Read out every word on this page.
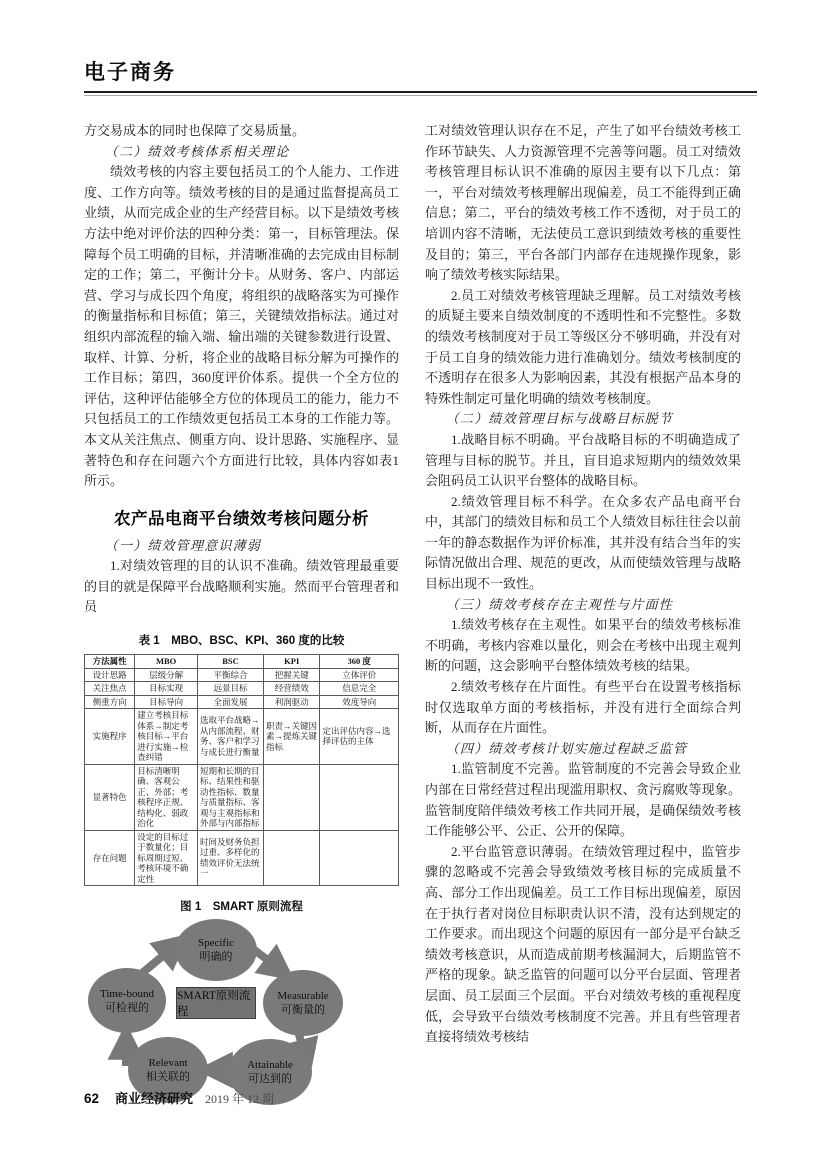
电子商务

方交易成本的同时也保障了交易质量。

（二）绩效考核体系相关理论

绩效考核的内容主要包括员工的个人能力、工作进度、工作方向等。绩效考核的目的是通过监督提高员工业绩，从而完成企业的生产经营目标。以下是绩效考核方法中绝对评价法的四种分类：第一，目标管理法。保障每个员工明确的目标，并清晰准确的去完成由目标制定的工作；第二，平衡计分卡。从财务、客户、内部运营、学习与成长四个角度，将组织的战略落实为可操作的衡量指标和目标值；第三，关键绩效指标法。通过对组织内部流程的输入端、输出端的关键参数进行设置、取样、计算、分析，将企业的战略目标分解为可操作的工作目标；第四，360度评价体系。提供一个全方位的评估，这种评估能够全方位的体现员工的能力，能力不只包括员工的工作绩效更包括员工本身的工作能力等。本文从关注焦点、侧重方向、设计思路、实施程序、显著特色和存在问题六个方面进行比较，具体内容如表1所示。

农产品电商平台绩效考核问题分析

（一）绩效管理意识薄弱

1.对绩效管理的目的认识不准确。绩效管理最重要的目的就是保障平台战略顺利实施。然而平台管理者和员

表 1　MBO、BSC、KPI、360 度的比较
方法属性	MBO	BSC	KPI	360 度
设计思路	层级分解	平衡综合	把握关键	立体评价
关注焦点	目标实现	远景目标	经营绩效	信息完全
侧重方向	目标导向	全面发展	利润驱动	效度导向
实施程序	建立考核目标体系→制定考核目标→平台进行实施→检查纠错	选取平台战略→从内部流程、财务、客户和学习与成长进行衡量	职责→关键因素→提炼关键指标	定出评估内容→选择评估的主体
显著特色	目标清晰明确、客观公正、外部；考核程序正规、结构化、弱政治化	短期和长期的目标、结果性和驱动性指标、数量与质量指标、客观与主观指标和外部与内部指标		
存在问题	设定的目标过于数量化；目标周期过短、考核环境不确定性	时间及财务负担过重、多样化的绩效评价无法统一		
图 1　SMART 原则流程
Specific
明确的
Time-bound
可检视的
Measurable
可衡量的
Relevant
相关联的
Attainable
可达到的
SMART原则流程

工对绩效管理认识存在不足，产生了如平台绩效考核工作环节缺失、人力资源管理不完善等问题。员工对绩效考核管理目标认识不准确的原因主要有以下几点：第一，平台对绩效考核理解出现偏差，员工不能得到正确信息；第二，平台的绩效考核工作不透彻，对于员工的培训内容不清晰，无法使员工意识到绩效考核的重要性及目的；第三，平台各部门内部存在违规操作现象，影响了绩效考核实际结果。

2.员工对绩效考核管理缺乏理解。员工对绩效考核的质疑主要来自绩效制度的不透明性和不完整性。多数的绩效考核制度对于员工等级区分不够明确，并没有对于员工自身的绩效能力进行准确划分。绩效考核制度的不透明存在很多人为影响因素，其没有根据产品本身的特殊性制定可量化明确的绩效考核制度。

（二）绩效管理目标与战略目标脱节

1.战略目标不明确。平台战略目标的不明确造成了管理与目标的脱节。并且，盲目追求短期内的绩效效果会阻码员工认识平台整体的战略目标。

2.绩效管理目标不科学。在众多农产品电商平台中，其部门的绩效目标和员工个人绩效目标往往会以前一年的静态数据作为评价标准，其并没有结合当年的实际情况做出合理、规范的更改，从而使绩效管理与战略目标出现不一致性。

（三）绩效考核存在主观性与片面性

1.绩效考核存在主观性。如果平台的绩效考核标准不明确，考核内容难以量化，则会在考核中出现主观判断的问题，这会影响平台整体绩效考核的结果。

2.绩效考核存在片面性。有些平台在设置考核指标时仅选取单方面的考核指标，并没有进行全面综合判断，从而存在片面性。

（四）绩效考核计划实施过程缺乏监管

1.监管制度不完善。监管制度的不完善会导致企业内部在日常经营过程出现滥用职权、贪污腐败等现象。监管制度陪伴绩效考核工作共同开展，是确保绩效考核工作能够公平、公正、公开的保障。

2.平台监管意识薄弱。在绩效管理过程中，监管步骤的忽略或不完善会导致绩效考核目标的完成质量不高、部分工作出现偏差。员工工作目标出现偏差，原因在于执行者对岗位目标职责认识不清，没有达到规定的工作要求。而出现这个问题的原因有一部分是平台缺乏绩效考核意识，从而造成前期考核漏洞大，后期监管不严格的现象。缺乏监管的问题可以分平台层面、管理者层面、员工层面三个层面。平台对绩效考核的重视程度低，会导致平台绩效考核制度不完善。并且有些管理者直接将绩效考核结

62 商业经济研究 2019 年 12 期
